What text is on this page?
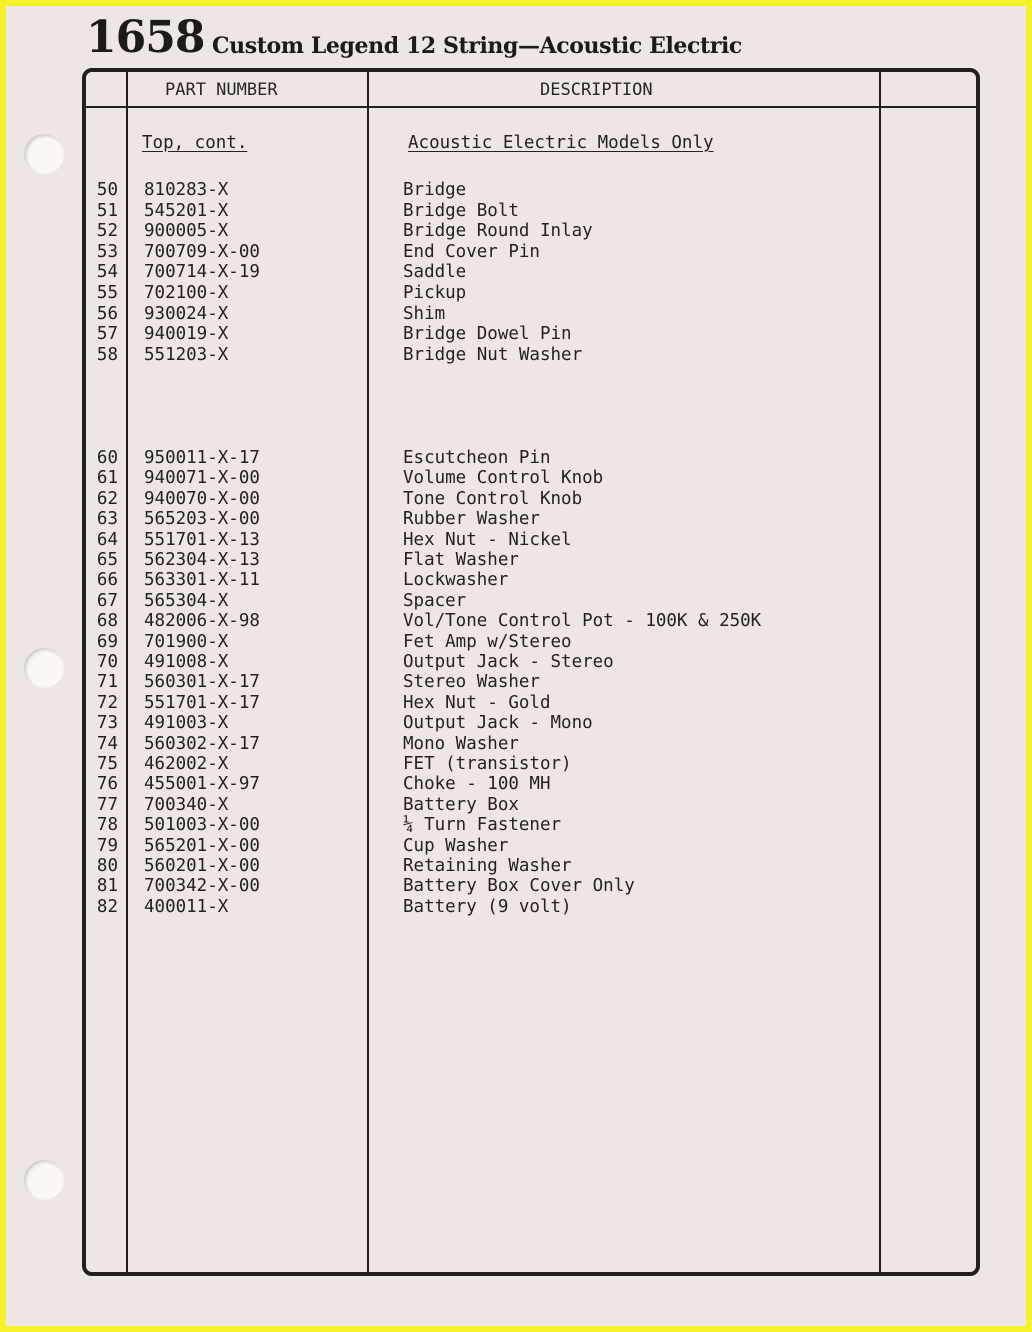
1658 Custom Legend 12 String—Acoustic Electric
PART NUMBER	DESCRIPTION
Top, cont.	Acoustic Electric Models Only
50 810283-X	Bridge
51 545201-X	Bridge Bolt
52 900005-X	Bridge Round Inlay
53 700709-X-00	End Cover Pin
54 700714-X-19	Saddle
55 702100-X	Pickup
56 930024-X	Shim
57 940019-X	Bridge Dowel Pin
58 551203-X	Bridge Nut Washer
60 950011-X-17	Escutcheon Pin
61 940071-X-00	Volume Control Knob
62 940070-X-00	Tone Control Knob
63 565203-X-00	Rubber Washer
64 551701-X-13	Hex Nut - Nickel
65 562304-X-13	Flat Washer
66 563301-X-11	Lockwasher
67 565304-X	Spacer
68 482006-X-98	Vol/Tone Control Pot - 100K & 250K
69 701900-X	Fet Amp w/Stereo
70 491008-X	Output Jack - Stereo
71 560301-X-17	Stereo Washer
72 551701-X-17	Hex Nut - Gold
73 491003-X	Output Jack - Mono
74 560302-X-17	Mono Washer
75 462002-X	FET (transistor)
76 455001-X-97	Choke - 100 MH
77 700340-X	Battery Box
78 501003-X-00	¼ Turn Fastener
79 565201-X-00	Cup Washer
80 560201-X-00	Retaining Washer
81 700342-X-00	Battery Box Cover Only
82 400011-X	Battery (9 volt)
